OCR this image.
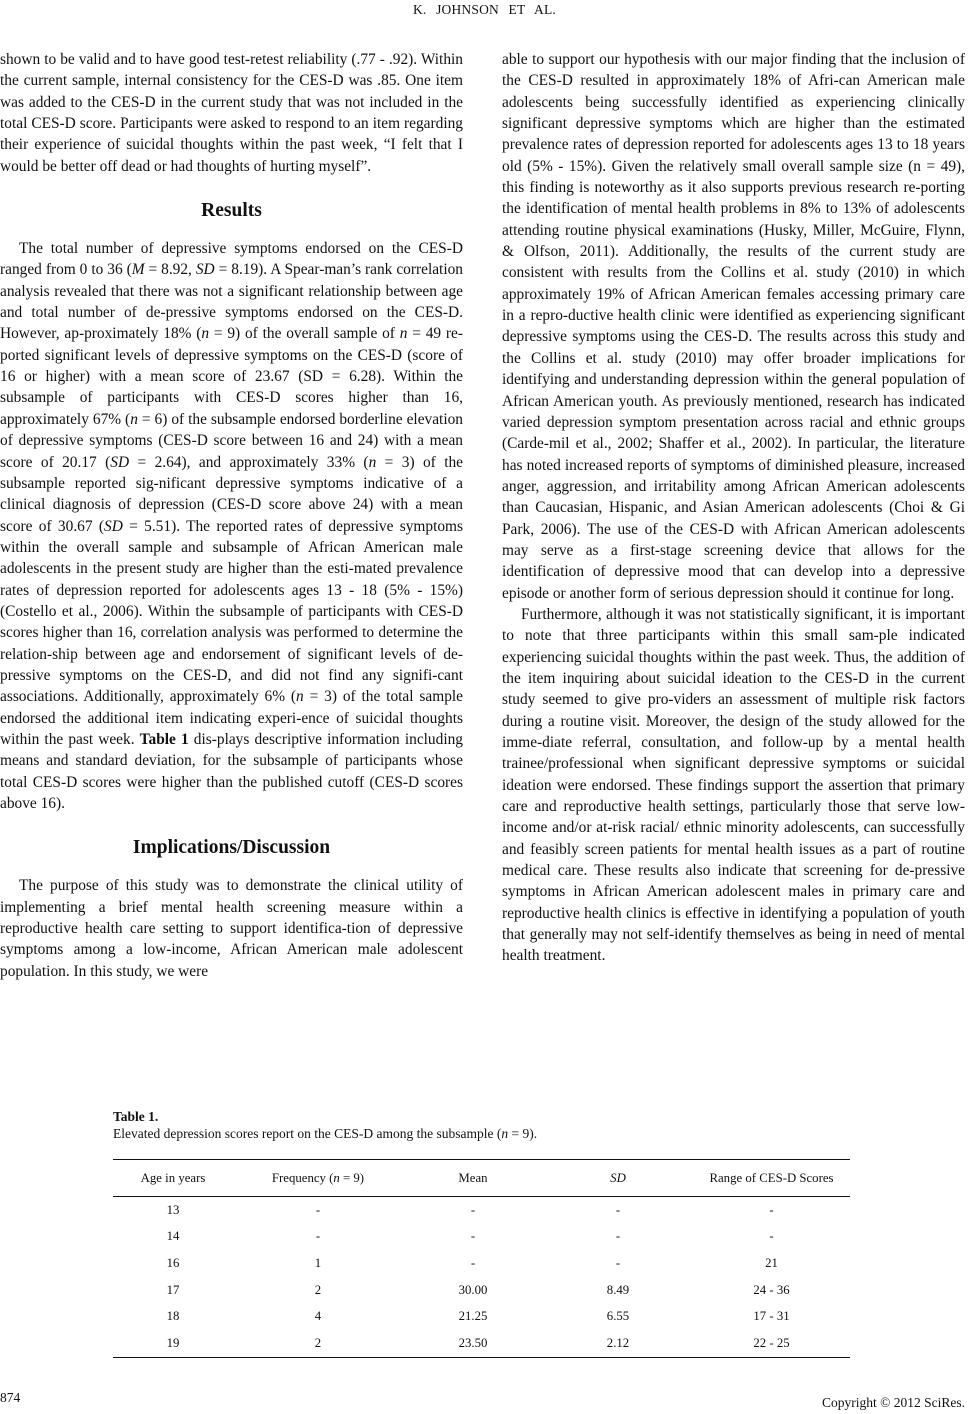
K. JOHNSON ET AL.

shown to be valid and to have good test-retest reliability (.77 - .92). Within the current sample, internal consistency for the CES-D was .85. One item was added to the CES-D in the current study that was not included in the total CES-D score. Participants were asked to respond to an item regarding their experience of suicidal thoughts within the past week, “I felt that I would be better off dead or had thoughts of hurting myself”.

Results

The total number of depressive symptoms endorsed on the CES-D ranged from 0 to 36 (M = 8.92, SD = 8.19). A Spear-man’s rank correlation analysis revealed that there was not a significant relationship between age and total number of de-pressive symptoms endorsed on the CES-D. However, ap-proximately 18% (n = 9) of the overall sample of n = 49 re-ported significant levels of depressive symptoms on the CES-D (score of 16 or higher) with a mean score of 23.67 (SD = 6.28). Within the subsample of participants with CES-D scores higher than 16, approximately 67% (n = 6) of the subsample endorsed borderline elevation of depressive symptoms (CES-D score between 16 and 24) with a mean score of 20.17 (SD = 2.64), and approximately 33% (n = 3) of the subsample reported sig-nificant depressive symptoms indicative of a clinical diagnosis of depression (CES-D score above 24) with a mean score of 30.67 (SD = 5.51). The reported rates of depressive symptoms within the overall sample and subsample of African American male adolescents in the present study are higher than the esti-mated prevalence rates of depression reported for adolescents ages 13 - 18 (5% - 15%) (Costello et al., 2006). Within the subsample of participants with CES-D scores higher than 16, correlation analysis was performed to determine the relation-ship between age and endorsement of significant levels of de-pressive symptoms on the CES-D, and did not find any signifi-cant associations. Additionally, approximately 6% (n = 3) of the total sample endorsed the additional item indicating experi-ence of suicidal thoughts within the past week. Table 1 dis-plays descriptive information including means and standard deviation, for the subsample of participants whose total CES-D scores were higher than the published cutoff (CES-D scores above 16).

Implications/Discussion

The purpose of this study was to demonstrate the clinical utility of implementing a brief mental health screening measure within a reproductive health care setting to support identifica-tion of depressive symptoms among a low-income, African American male adolescent population. In this study, we were

able to support our hypothesis with our major finding that the inclusion of the CES-D resulted in approximately 18% of Afri-can American male adolescents being successfully identified as experiencing clinically significant depressive symptoms which are higher than the estimated prevalence rates of depression reported for adolescents ages 13 to 18 years old (5% - 15%). Given the relatively small overall sample size (n = 49), this finding is noteworthy as it also supports previous research re-porting the identification of mental health problems in 8% to 13% of adolescents attending routine physical examinations (Husky, Miller, McGuire, Flynn, & Olfson, 2011). Additionally, the results of the current study are consistent with results from the Collins et al. study (2010) in which approximately 19% of African American females accessing primary care in a repro-ductive health clinic were identified as experiencing significant depressive symptoms using the CES-D. The results across this study and the Collins et al. study (2010) may offer broader implications for identifying and understanding depression within the general population of African American youth. As previously mentioned, research has indicated varied depression symptom presentation across racial and ethnic groups (Carde-mil et al., 2002; Shaffer et al., 2002). In particular, the literature has noted increased reports of symptoms of diminished pleasure, increased anger, aggression, and irritability among African American adolescents than Caucasian, Hispanic, and Asian American adolescents (Choi & Gi Park, 2006). The use of the CES-D with African American adolescents may serve as a first-stage screening device that allows for the identification of depressive mood that can develop into a depressive episode or another form of serious depression should it continue for long.

Furthermore, although it was not statistically significant, it is important to note that three participants within this small sam-ple indicated experiencing suicidal thoughts within the past week. Thus, the addition of the item inquiring about suicidal ideation to the CES-D in the current study seemed to give pro-viders an assessment of multiple risk factors during a routine visit. Moreover, the design of the study allowed for the imme-diate referral, consultation, and follow-up by a mental health trainee/professional when significant depressive symptoms or suicidal ideation were endorsed. These findings support the assertion that primary care and reproductive health settings, particularly those that serve low-income and/or at-risk racial/ ethnic minority adolescents, can successfully and feasibly screen patients for mental health issues as a part of routine medical care. These results also indicate that screening for de-pressive symptoms in African American adolescent males in primary care and reproductive health clinics is effective in identifying a population of youth that generally may not self-identify themselves as being in need of mental health treatment.

Table 1.
Elevated depression scores report on the CES-D among the subsample (n = 9).
Age in years	Frequency (n = 9)	Mean	SD	Range of CES-D Scores
13	-	-	-	-
14	-	-	-	-
16	1	-	-	21
17	2	30.00	8.49	24 - 36
18	4	21.25	6.55	17 - 31
19	2	23.50	2.12	22 - 25
874	Copyright © 2012 SciRes.
